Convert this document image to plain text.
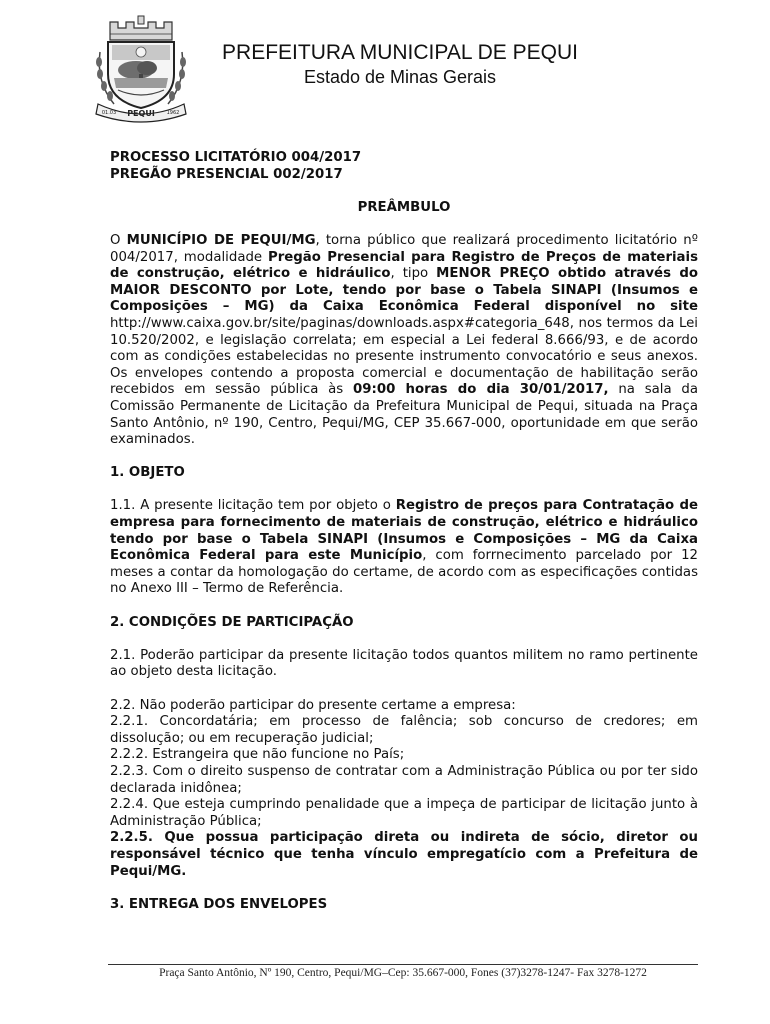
PEQUI
01.03	1962
PREFEITURA MUNICIPAL DE PEQUI
Estado de Minas Gerais

PROCESSO LICITATÓRIO 004/2017

PREGÃO PRESENCIAL 002/2017

PREÂMBULO

O MUNICÍPIO DE PEQUI/MG, torna público que realizará procedimento licitatório nº 004/2017, modalidade Pregão Presencial para Registro de Preços de materiais de construção, elétrico e hidráulico, tipo MENOR PREÇO obtido através do MAIOR DESCONTO por Lote, tendo por base o Tabela SINAPI (Insumos e Composições – MG) da Caixa Econômica Federal disponível no site http://www.caixa.gov.br/site/paginas/downloads.aspx#categoria_648, nos termos da Lei 10.520/2002, e legislação correlata; em especial a Lei federal 8.666/93, e de acordo com as condições estabelecidas no presente instrumento convocatório e seus anexos. Os envelopes contendo a proposta comercial e documentação de habilitação serão recebidos em sessão pública às 09:00 horas do dia 30/01/2017, na sala da Comissão Permanente de Licitação da Prefeitura Municipal de Pequi, situada na Praça Santo Antônio, nº 190, Centro, Pequi/MG, CEP 35.667-000, oportunidade em que serão examinados.

1. OBJETO

1.1. A presente licitação tem por objeto o Registro de preços para Contratação de empresa para fornecimento de materiais de construção, elétrico e hidráulico tendo por base o Tabela SINAPI (Insumos e Composições – MG da Caixa Econômica Federal para este Município, com forrnecimento parcelado por 12 meses a contar da homologação do certame, de acordo com as especificações contidas no Anexo III – Termo de Referência.

2. CONDIÇÕES DE PARTICIPAÇÃO

2.1. Poderão participar da presente licitação todos quantos militem no ramo pertinente ao objeto desta licitação.

2.2. Não poderão participar do presente certame a empresa:

2.2.1. Concordatária; em processo de falência; sob concurso de credores; em dissolução; ou em recuperação judicial;

2.2.2. Estrangeira que não funcione no País;

2.2.3. Com o direito suspenso de contratar com a Administração Pública ou por ter sido declarada inidônea;

2.2.4. Que esteja cumprindo penalidade que a impeça de participar de licitação junto à Administração Pública;

2.2.5. Que possua participação direta ou indireta de sócio, diretor ou responsável técnico que tenha vínculo empregatício com a Prefeitura de Pequi/MG.

3. ENTREGA DOS ENVELOPES

Praça Santo Antônio, Nº 190, Centro, Pequi/MG–Cep: 35.667-000, Fones (37)3278-1247- Fax 3278-1272
